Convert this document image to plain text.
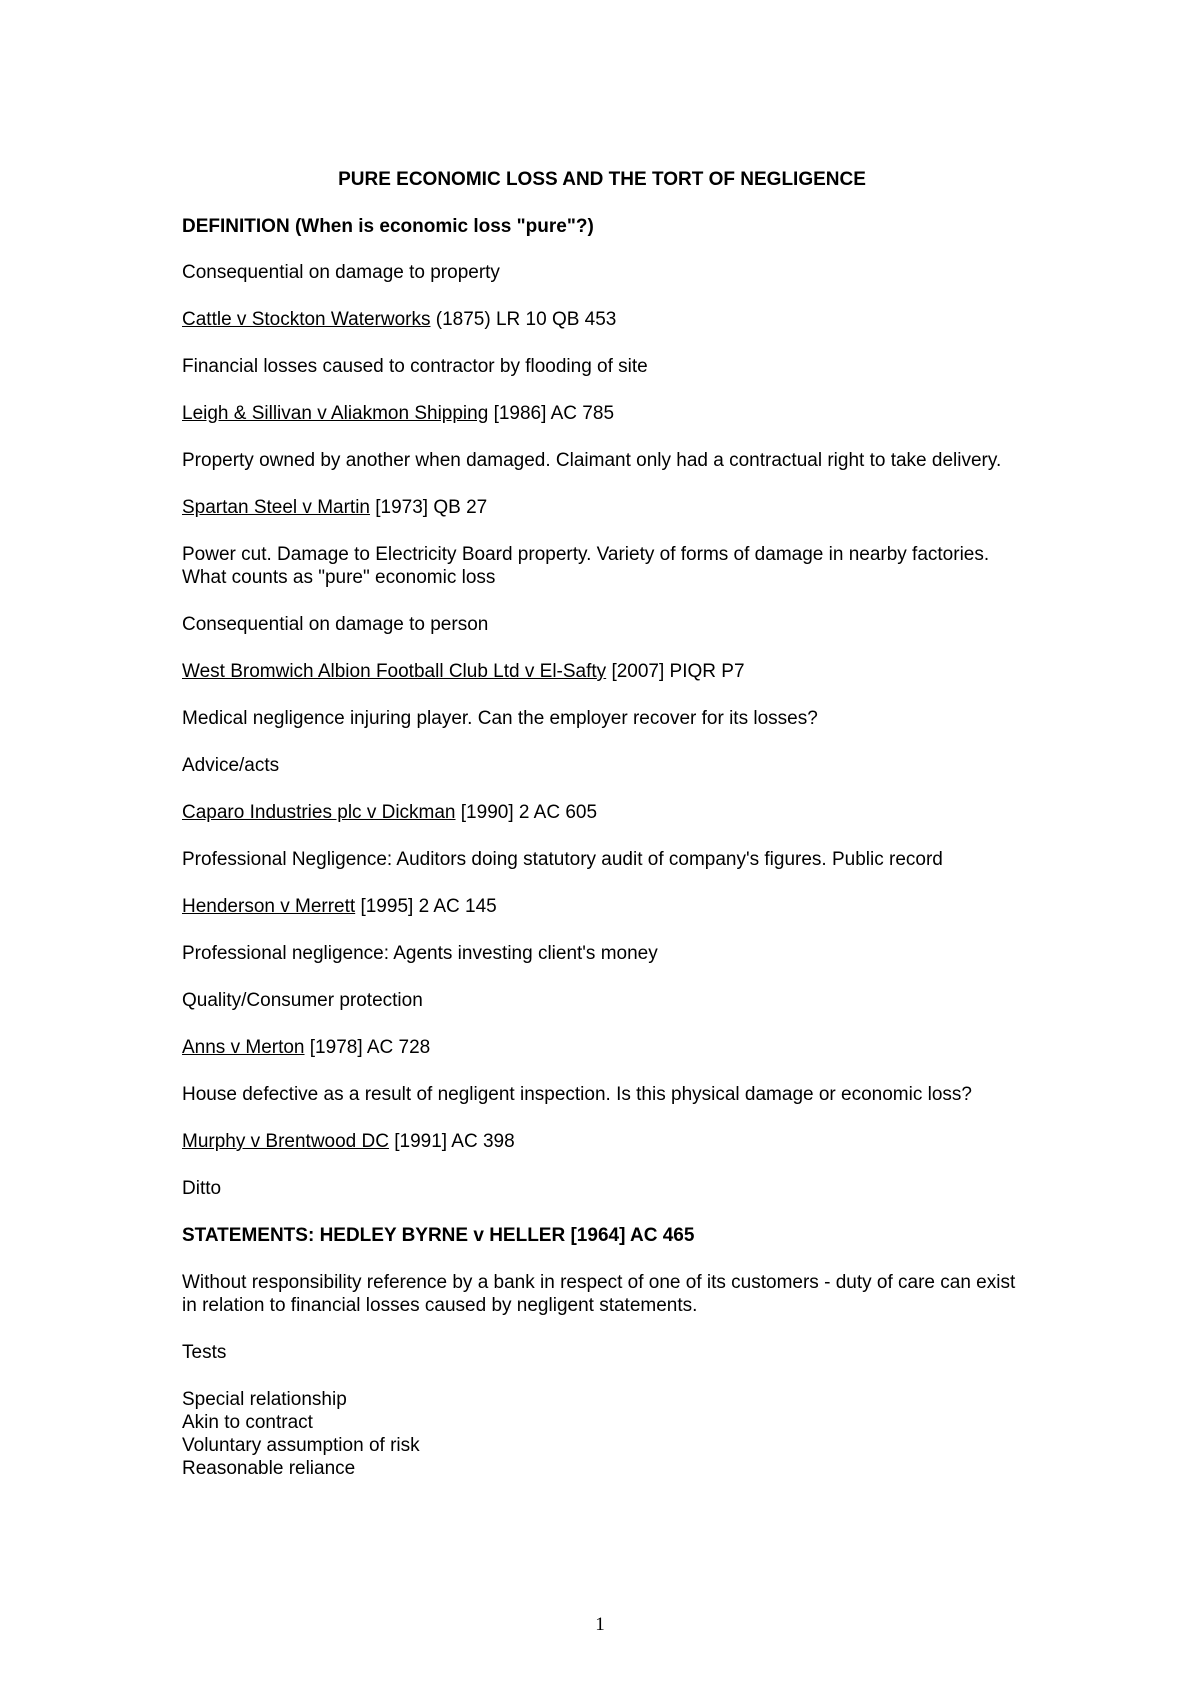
PURE ECONOMIC LOSS AND THE TORT OF NEGLIGENCE
DEFINITION (When is economic loss "pure"?)
Consequential on damage to property
Cattle v Stockton Waterworks (1875) LR 10 QB 453
Financial losses caused to contractor by flooding of site
Leigh & Sillivan v Aliakmon Shipping [1986] AC 785
Property owned by another when damaged. Claimant only had a contractual right to take delivery.
Spartan Steel v Martin [1973] QB 27
Power cut. Damage to Electricity Board property. Variety of forms of damage in nearby factories. What counts as "pure" economic loss
Consequential on damage to person
West Bromwich Albion Football Club Ltd v El-Safty [2007] PIQR P7
Medical negligence injuring player. Can the employer recover for its losses?
Advice/acts
Caparo Industries plc v Dickman [1990] 2 AC 605
Professional Negligence: Auditors doing statutory audit of company's figures. Public record
Henderson v Merrett [1995] 2 AC 145
Professional negligence: Agents investing client's money
Quality/Consumer protection
Anns v Merton [1978] AC 728
House defective as a result of negligent inspection. Is this physical damage or economic loss?
Murphy v Brentwood DC [1991] AC 398
Ditto
STATEMENTS: HEDLEY BYRNE v HELLER [1964] AC 465
Without responsibility reference by a bank in respect of one of its customers - duty of care can exist in relation to financial losses caused by negligent statements.
Tests
Special relationship
Akin to contract
Voluntary assumption of risk
Reasonable reliance
1
